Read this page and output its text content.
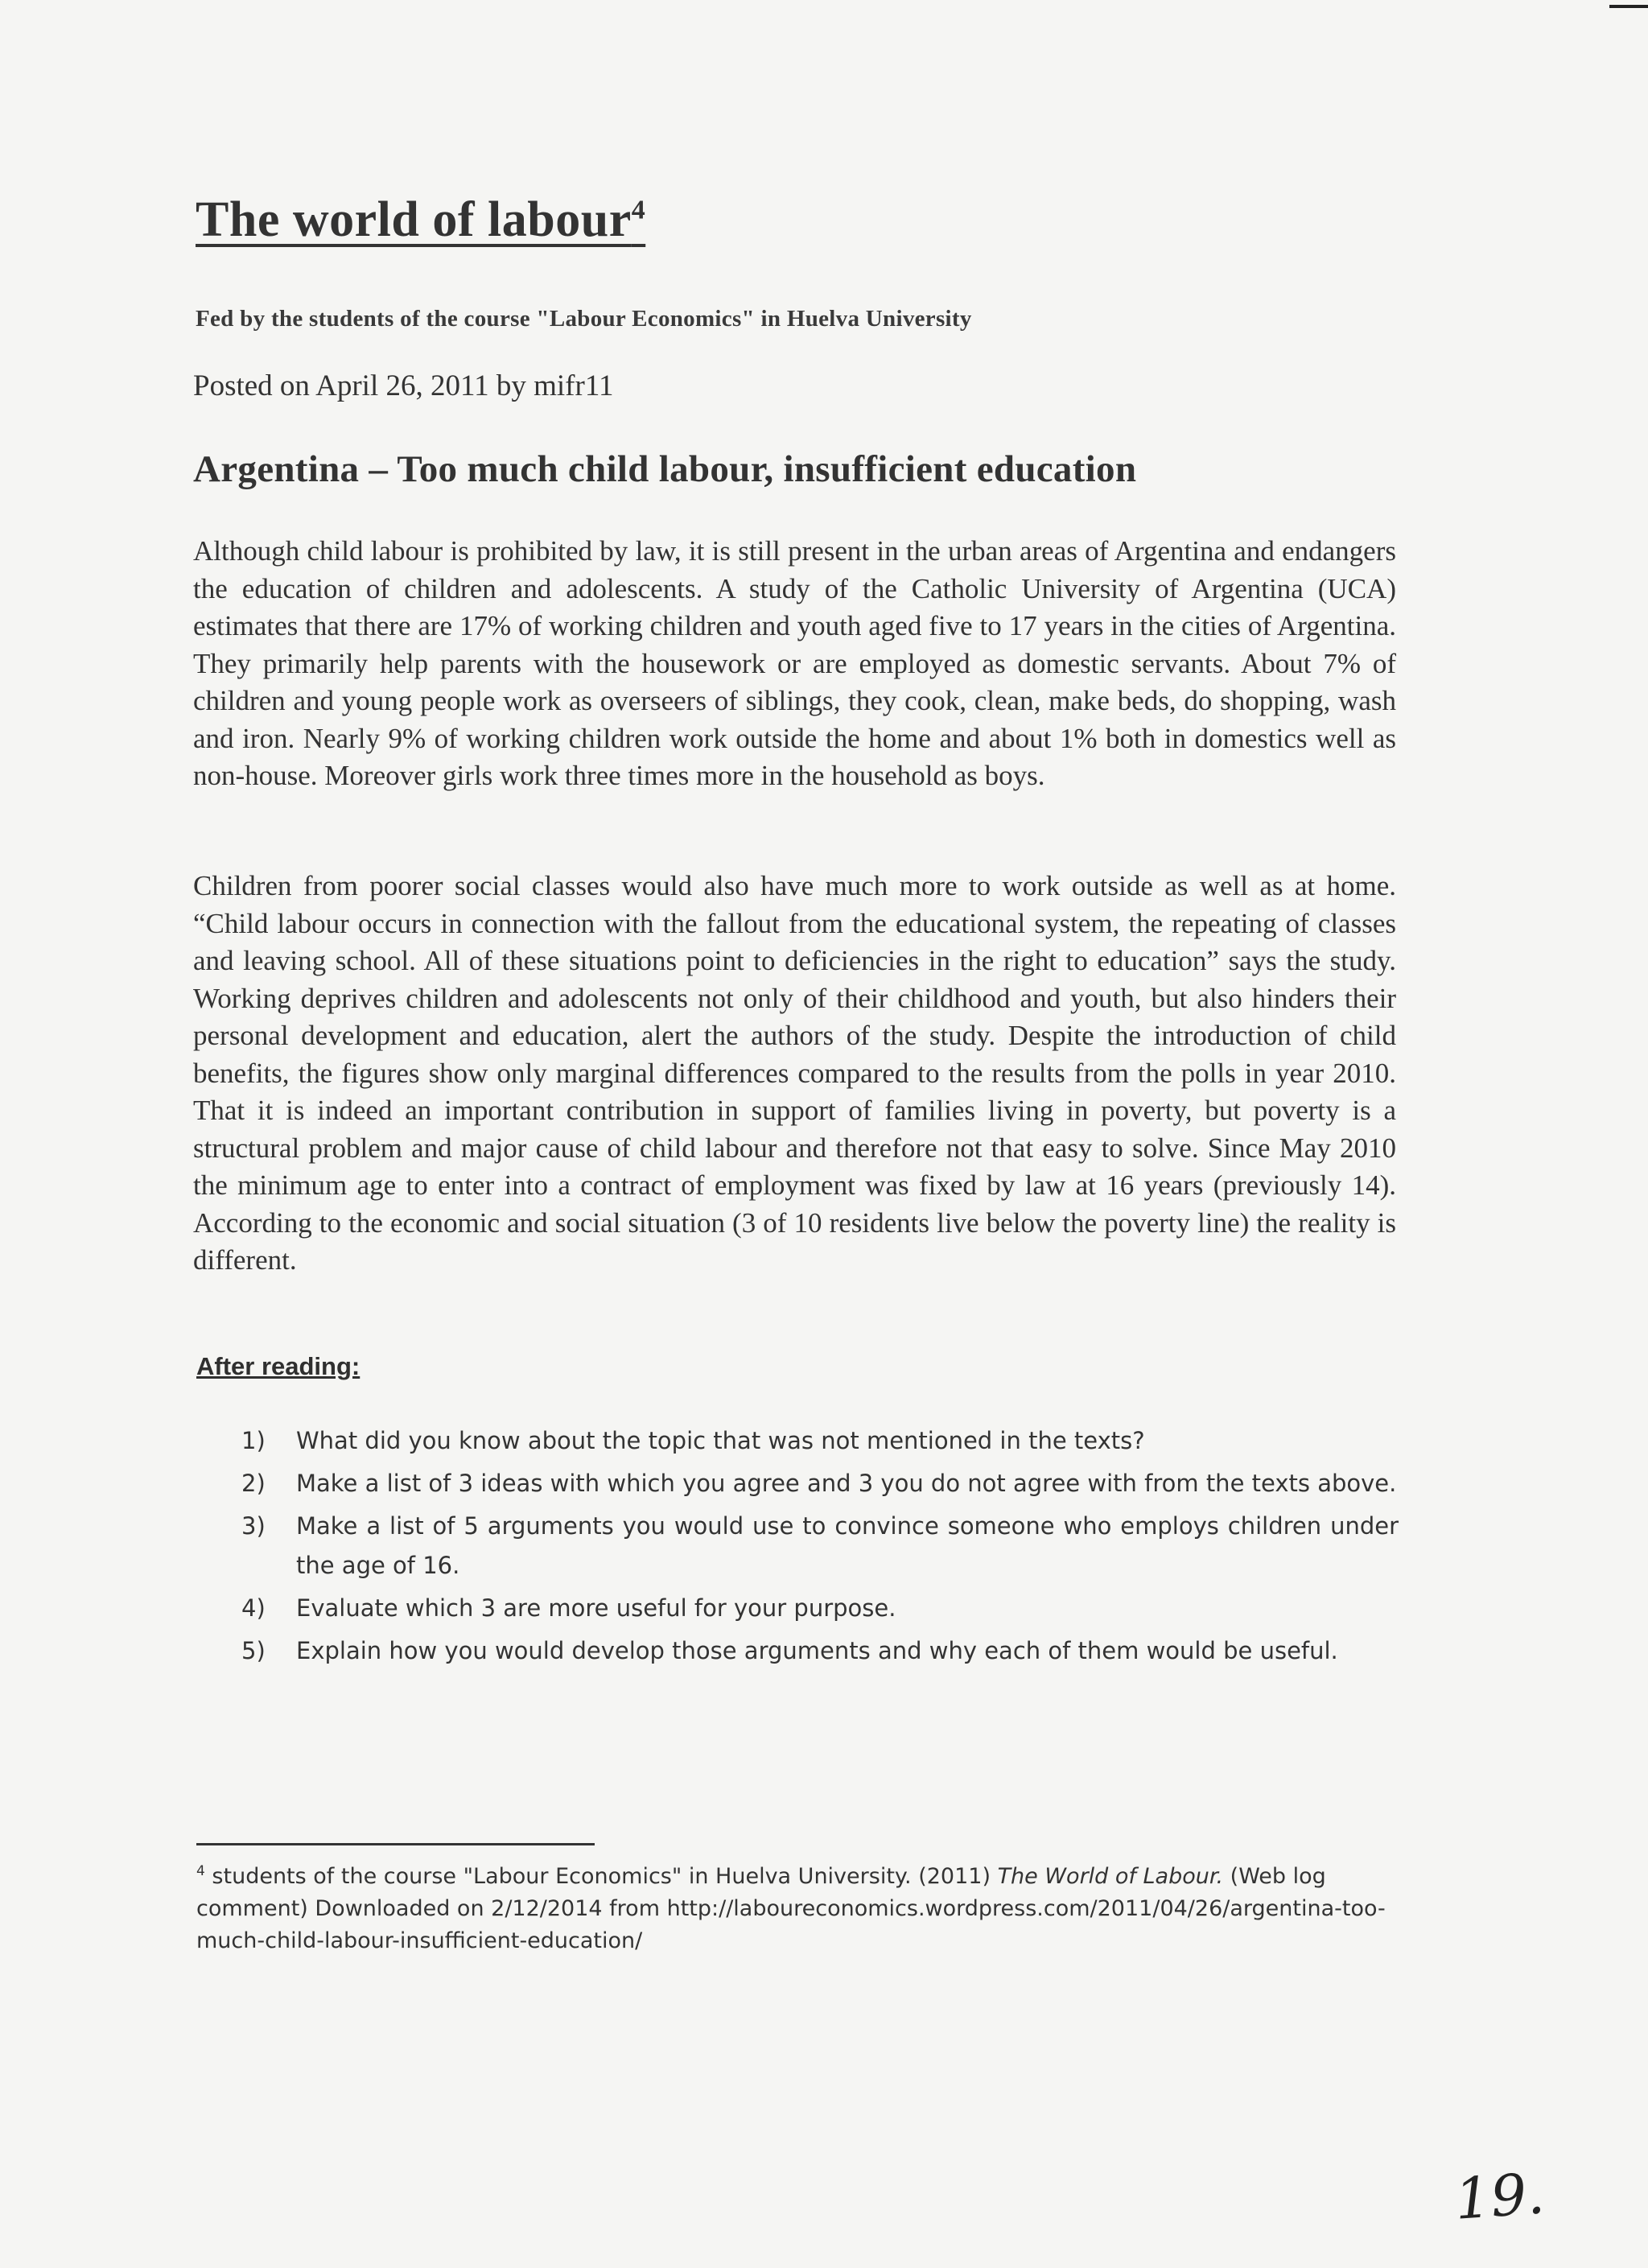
The world of labour$^4$

Fed by the students of the course "Labour Economics" in Huelva University

Posted on April 26, 2011 by mifr11

Argentina – Too much child labour, insufficient education

Although child labour is prohibited by law, it is still present in the urban areas of Argentina and endangers the education of children and adolescents. A study of the Catholic University of Argentina (UCA) estimates that there are 17% of working children and youth aged five to 17 years in the cities of Argentina. They primarily help parents with the housework or are employed as domestic servants. About 7% of children and young people work as overseers of siblings, they cook, clean, make beds, do shopping, wash and iron. Nearly 9% of working children work outside the home and about 1% both in domestics well as non-house. Moreover girls work three times more in the household as boys.

Children from poorer social classes would also have much more to work outside as well as at home. “Child labour occurs in connection with the fallout from the educational system, the repeating of classes and leaving school. All of these situations point to deficiencies in the right to education” says the study. Working deprives children and adolescents not only of their childhood and youth, but also hinders their personal development and education, alert the authors of the study. Despite the introduction of child benefits, the figures show only marginal differences compared to the results from the polls in year 2010. That it is indeed an important contribution in support of families living in poverty, but poverty is a structural problem and major cause of child labour and therefore not that easy to solve. Since May 2010 the minimum age to enter into a contract of employment was fixed by law at 16 years (previously 14). According to the economic and social situation (3 of 10 residents live below the poverty line) the reality is different.

After reading:

1) What did you know about the topic that was not mentioned in the texts?
2) Make a list of 3 ideas with which you agree and 3 you do not agree with from the texts above.
3) Make a list of 5 arguments you would use to convince someone who employs children under the age of 16.
4) Evaluate which 3 are more useful for your purpose.
5) Explain how you would develop those arguments and why each of them would be useful.

$^4$ students of the course "Labour Economics" in Huelva University. (2011) The World of Labour. (Web log comment) Downloaded on 2/12/2014 from http://laboureconomics.wordpress.com/2011/04/26/argentina-too-much-child-labour-insufficient-education/

19.
